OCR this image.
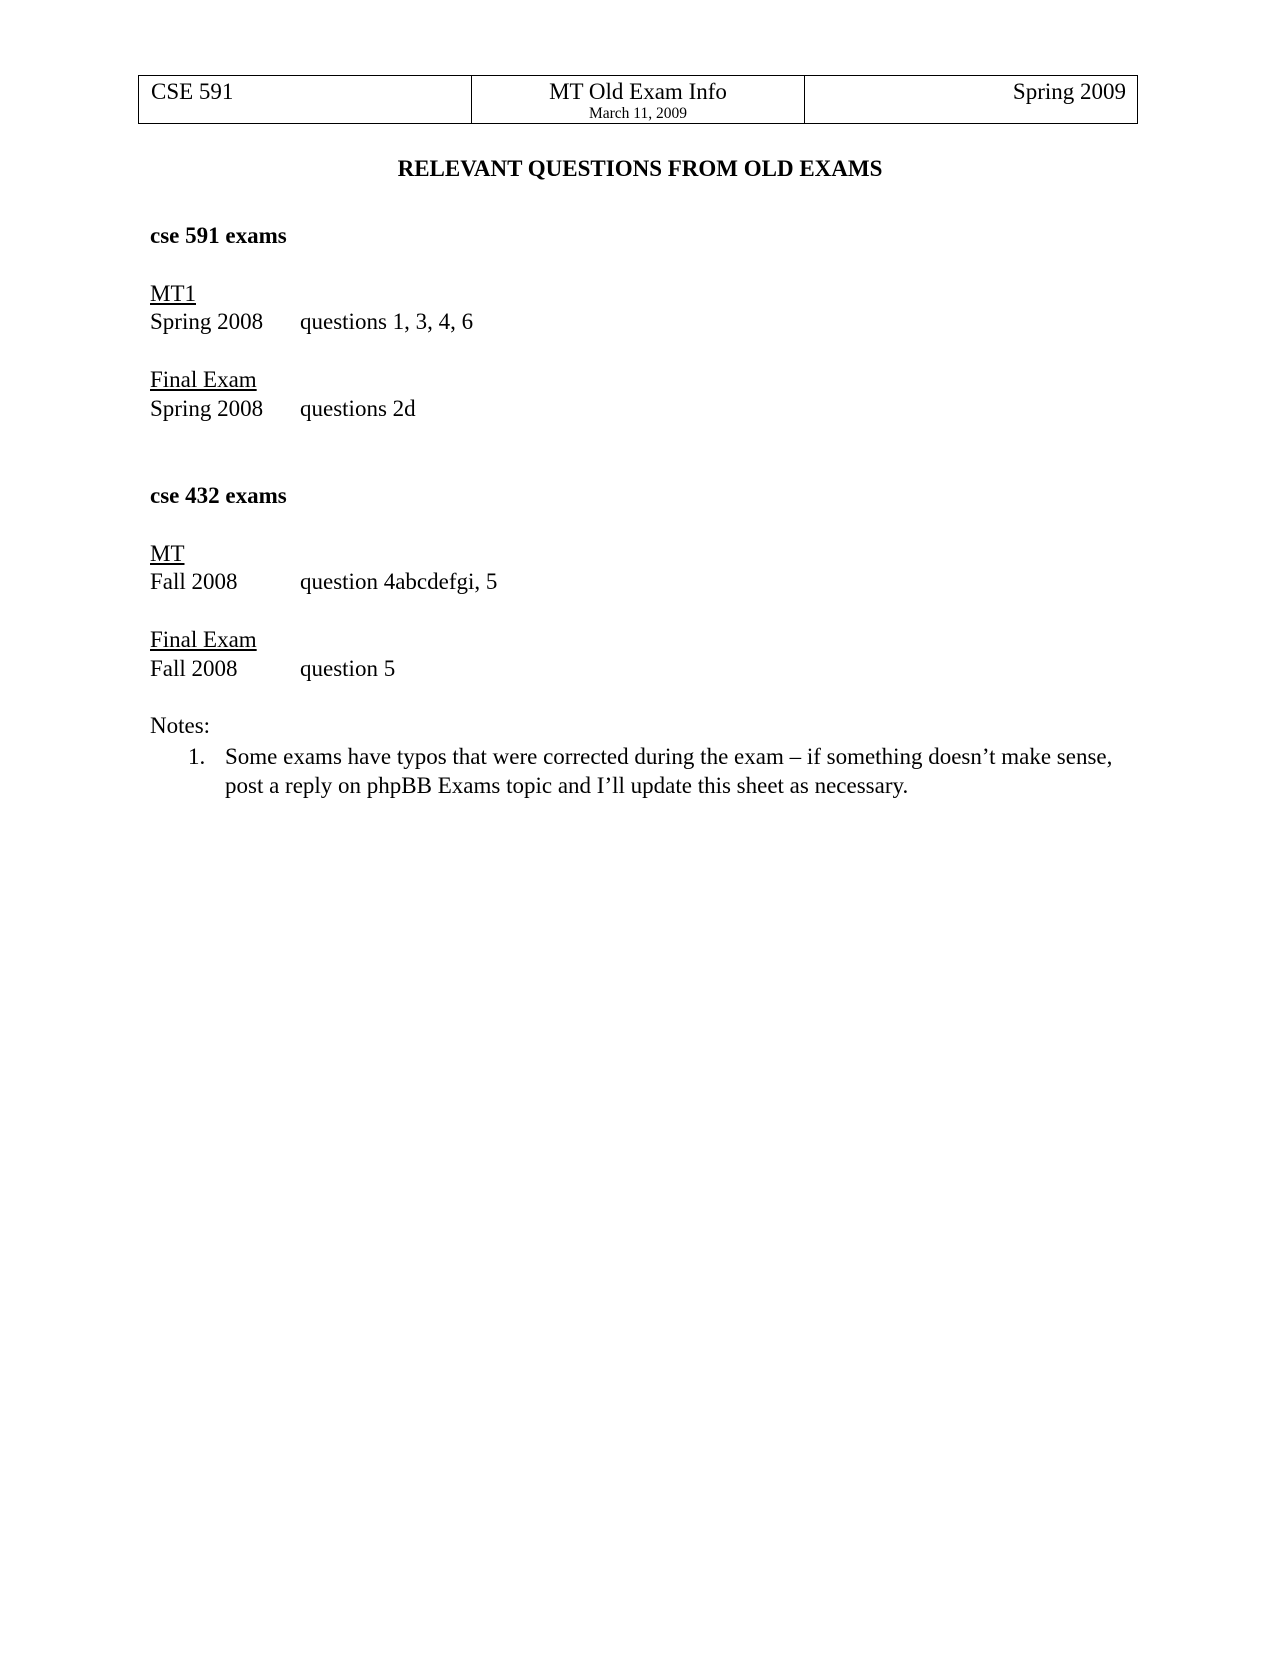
CSE 591	MT Old Exam Info
March 11, 2009
Spring 2009
RELEVANT QUESTIONS FROM OLD EXAMS
cse 591 exams
MT1
Spring 2008 questions 1, 3, 4, 6
Final Exam
Spring 2008 questions 2d
cse 432 exams
MT
Fall 2008	question 4abcdefgi, 5
Final Exam
Fall 2008	question 5
Notes:
1. Some exams have typos that were corrected during the exam – if something doesn’t make sense, post a reply on phpBB Exams topic and I’ll update this sheet as necessary.
